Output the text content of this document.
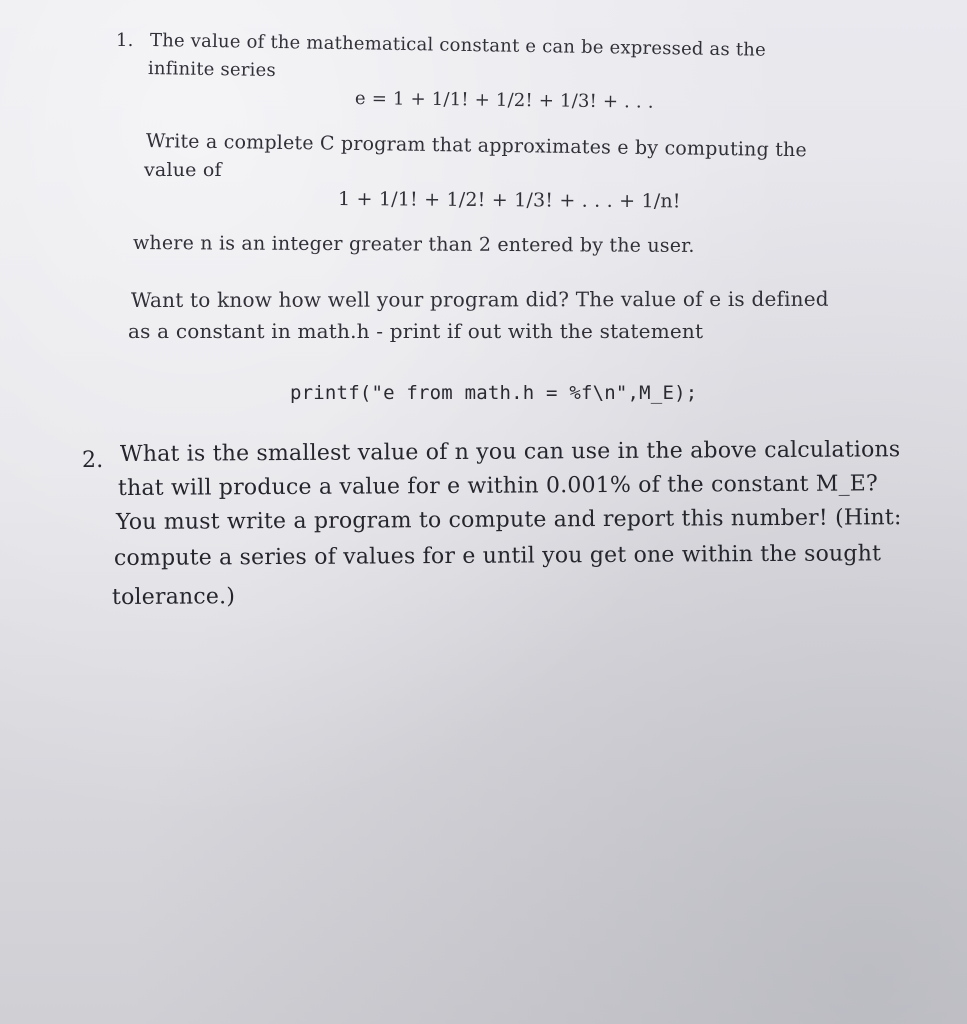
1. The value of the mathematical constant e can be expressed as the
infinite series
e = 1 + 1/1! + 1/2! + 1/3! + . . .
Write a complete C program that approximates e by computing the
value of
1 + 1/1! + 1/2! + 1/3! + . . . + 1/n!
where n is an integer greater than 2 entered by the user.
Want to know how well your program did? The value of e is defined
as a constant in math.h - print if out with the statement
printf("e from math.h = %f\n",M_E);
2. What is the smallest value of n you can use in the above calculations
that will produce a value for e within 0.001% of the constant M_E?
You must write a program to compute and report this number! (Hint:
compute a series of values for e until you get one within the sought
tolerance.)
